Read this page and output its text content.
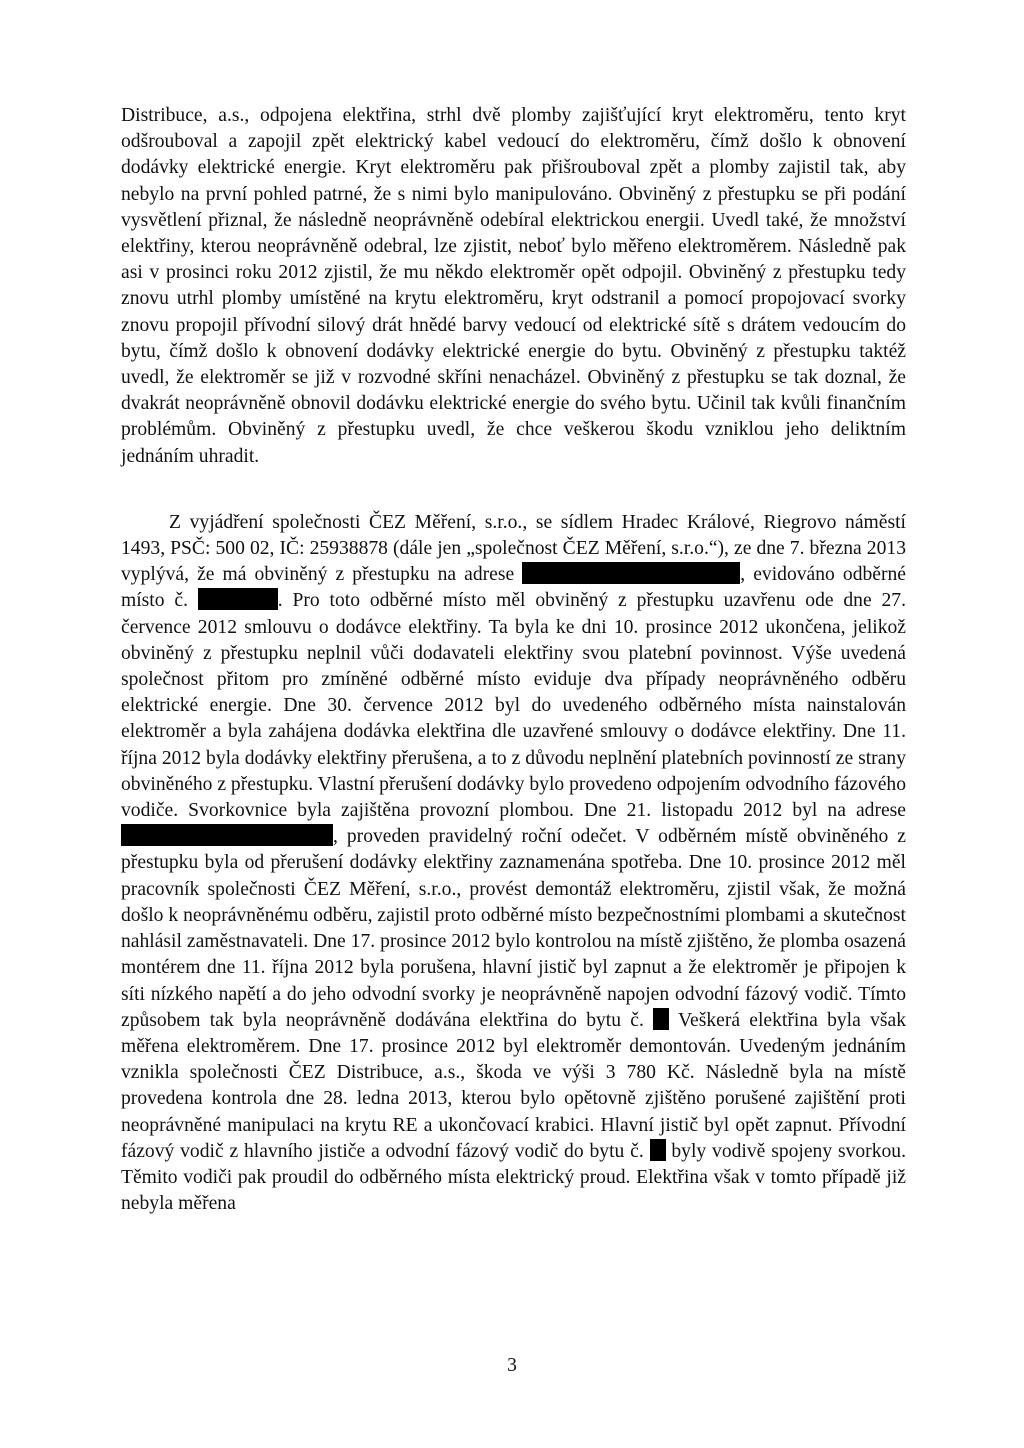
Distribuce, a.s., odpojena elektřina, strhl dvě plomby zajišťující kryt elektroměru, tento kryt odšrouboval a zapojil zpět elektrický kabel vedoucí do elektroměru, čímž došlo k obnovení dodávky elektrické energie. Kryt elektroměru pak přišrouboval zpět a plomby zajistil tak, aby nebylo na první pohled patrné, že s nimi bylo manipulováno. Obviněný z přestupku se při podání vysvětlení přiznal, že následně neoprávněně odebíral elektrickou energii. Uvedl také, že množství elektřiny, kterou neoprávněně odebral, lze zjistit, neboť bylo měřeno elektroměrem. Následně pak asi v prosinci roku 2012 zjistil, že mu někdo elektroměr opět odpojil. Obviněný z přestupku tedy znovu utrhl plomby umístěné na krytu elektroměru, kryt odstranil a pomocí propojovací svorky znovu propojil přívodní silový drát hnědé barvy vedoucí od elektrické sítě s drátem vedoucím do bytu, čímž došlo k obnovení dodávky elektrické energie do bytu. Obviněný z přestupku taktéž uvedl, že elektroměr se již v rozvodné skříni nenacházel. Obviněný z přestupku se tak doznal, že dvakrát neoprávněně obnovil dodávku elektrické energie do svého bytu. Učinil tak kvůli finančním problémům. Obviněný z přestupku uvedl, že chce veškerou škodu vzniklou jeho deliktním jednáním uhradit.

Z vyjádření společnosti ČEZ Měření, s.r.o., se sídlem Hradec Králové, Riegrovo náměstí 1493, PSČ: 500 02, IČ: 25938878 (dále jen „společnost ČEZ Měření, s.r.o.“), ze dne 7. března 2013 vyplývá, že má obviněný z přestupku na adrese	, evidováno odběrné místo č.	. Pro toto odběrné místo měl obviněný z přestupku uzavřenu ode dne 27. července 2012 smlouvu o dodávce elektřiny. Ta byla ke dni 10. prosince 2012 ukončena, jelikož obviněný z přestupku neplnil vůči dodavateli elektřiny svou platební povinnost. Výše uvedená společnost přitom pro zmíněné odběrné místo eviduje dva případy neoprávněného odběru elektrické energie. Dne 30. července 2012 byl do uvedeného odběrného místa nainstalován elektroměr a byla zahájena dodávka elektřina dle uzavřené smlouvy o dodávce elektřiny. Dne 11. října 2012 byla dodávky elektřiny přerušena, a to z důvodu neplnění platebních povinností ze strany obviněného z přestupku. Vlastní přerušení dodávky bylo provedeno odpojením odvodního fázového vodiče. Svorkovnice byla zajištěna provozní plombou. Dne 21. listopadu 2012 byl na adrese , proveden pravidelný roční odečet. V odběrném místě obviněného z přestupku byla od přerušení dodávky elektřiny zaznamenána spotřeba. Dne 10. prosince 2012 měl pracovník společnosti ČEZ Měření, s.r.o., provést demontáž elektroměru, zjistil však, že možná došlo k neoprávněnému odběru, zajistil proto odběrné místo bezpečnostními plombami a skutečnost nahlásil zaměstnavateli. Dne 17. prosince 2012 bylo kontrolou na místě zjištěno, že plomba osazená montérem dne 11. října 2012 byla porušena, hlavní jistič byl zapnut a že elektroměr je připojen k síti nízkého napětí a do jeho odvodní svorky je neoprávněně napojen odvodní fázový vodič. Tímto způsobem tak byla neoprávněně dodávána elektřina do bytu č.  Veškerá elektřina byla však měřena elektroměrem. Dne 17. prosince 2012 byl elektroměr demontován. Uvedeným jednáním vznikla společnosti ČEZ Distribuce, a.s., škoda ve výši 3 780 Kč. Následně byla na místě provedena kontrola dne 28. ledna 2013, kterou bylo opětovně zjištěno porušené zajištění proti neoprávněné manipulaci na krytu RE a ukončovací krabici. Hlavní jistič byl opět zapnut. Přívodní fázový vodič z hlavního jističe a odvodní fázový vodič do bytu č.  byly vodivě spojeny svorkou. Těmito vodiči pak proudil do odběrného místa elektrický proud. Elektřina však v tomto případě již nebyla měřena

3
